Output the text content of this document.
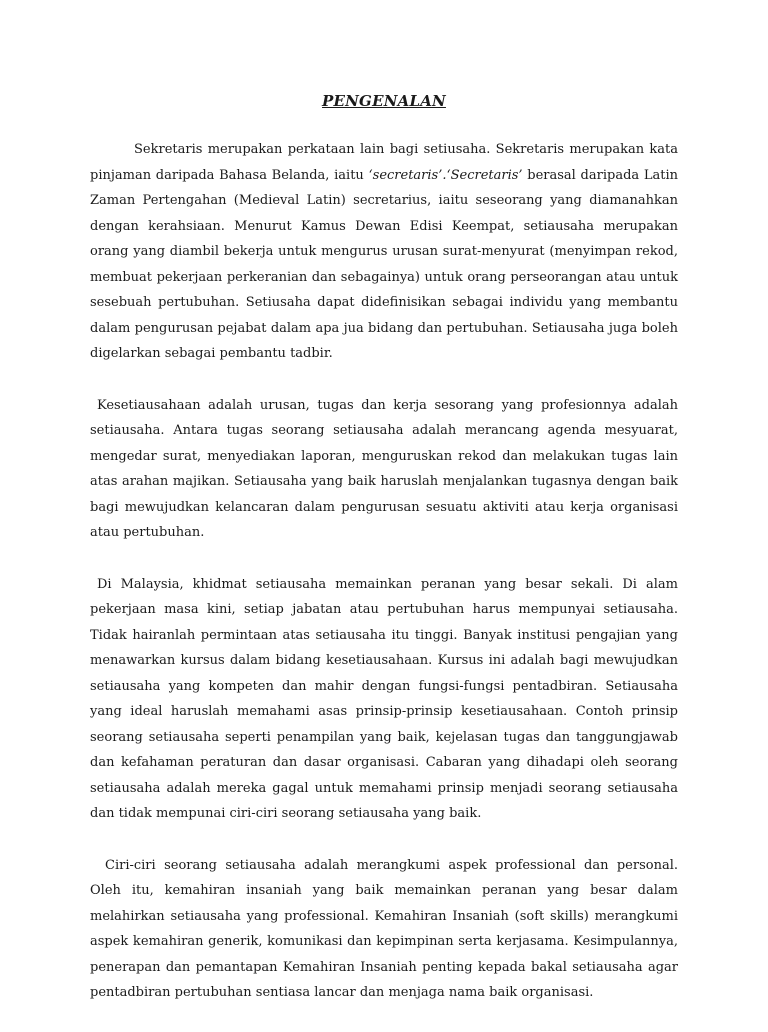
PENGENALAN

Sekretaris merupakan perkataan lain bagi setiusaha. Sekretaris merupakan kata pinjaman daripada Bahasa Belanda, iaitu ‘secretaris’.‘Secretaris’ berasal daripada Latin Zaman Pertengahan (Medieval Latin) secretarius, iaitu seseorang yang diamanahkan dengan kerahsiaan. Menurut Kamus Dewan Edisi Keempat, setiausaha merupakan orang yang diambil bekerja untuk mengurus urusan surat-menyurat (menyimpan rekod, membuat pekerjaan perkeranian dan sebagainya) untuk orang perseorangan atau untuk sesebuah pertubuhan. Setiusaha dapat didefinisikan sebagai individu yang membantu dalam pengurusan pejabat dalam apa jua bidang dan pertubuhan. Setiausaha juga boleh digelarkan sebagai pembantu tadbir.

Kesetiausahaan adalah urusan, tugas dan kerja sesorang yang profesionnya adalah setiausaha. Antara tugas seorang setiausaha adalah merancang agenda mesyuarat, mengedar surat, menyediakan laporan, menguruskan rekod dan melakukan tugas lain atas arahan majikan. Setiausaha yang baik haruslah menjalankan tugasnya dengan baik bagi mewujudkan kelancaran dalam pengurusan sesuatu aktiviti atau kerja organisasi atau pertubuhan.

Di Malaysia, khidmat setiausaha memainkan peranan yang besar sekali. Di alam pekerjaan masa kini, setiap jabatan atau pertubuhan harus mempunyai setiausaha. Tidak hairanlah permintaan atas setiausaha itu tinggi. Banyak institusi pengajian yang menawarkan kursus dalam bidang kesetiausahaan. Kursus ini adalah bagi mewujudkan setiausaha yang kompeten dan mahir dengan fungsi-fungsi pentadbiran. Setiausaha yang ideal haruslah memahami asas prinsip-prinsip kesetiausahaan. Contoh prinsip seorang setiausaha seperti penampilan yang baik, kejelasan tugas dan tanggungjawab dan kefahaman peraturan dan dasar organisasi. Cabaran yang dihadapi oleh seorang setiausaha adalah mereka gagal untuk memahami prinsip menjadi seorang setiausaha dan tidak mempunai ciri-ciri seorang setiausaha yang baik.

Ciri-ciri seorang setiausaha adalah merangkumi aspek professional dan personal. Oleh itu, kemahiran insaniah yang baik memainkan peranan yang besar dalam melahirkan setiausaha yang professional. Kemahiran Insaniah (soft skills) merangkumi aspek kemahiran generik, komunikasi dan kepimpinan serta kerjasama. Kesimpulannya, penerapan dan pemantapan Kemahiran Insaniah penting kepada bakal setiausaha agar pentadbiran pertubuhan sentiasa lancar dan menjaga nama baik organisasi.
